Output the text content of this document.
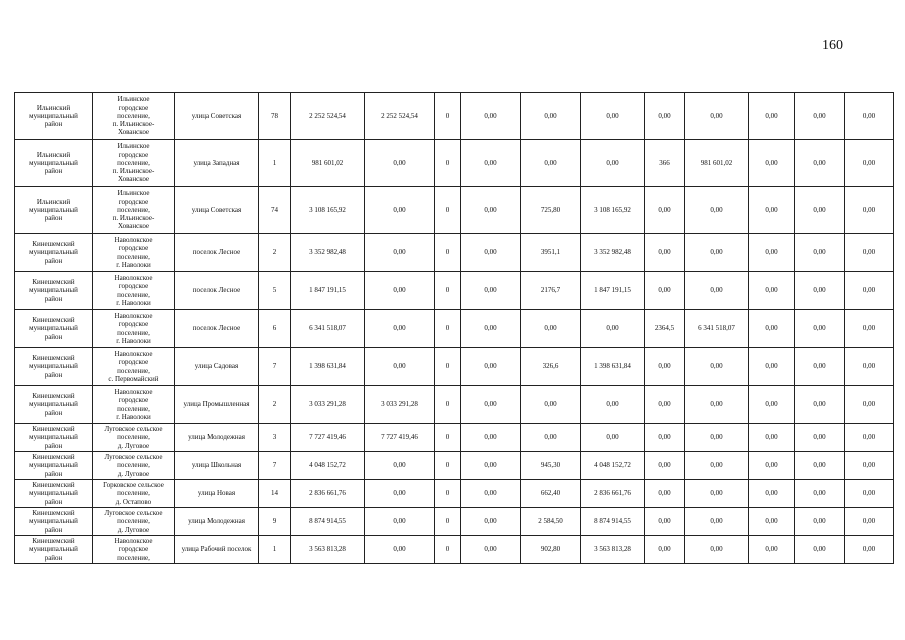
160
Ильинский
муниципальный
район	Ильинское
городское
поселение,
п. Ильинское-
Хованское	улица Советская	78	2 252 524,54	2 252 524,54	0	0,00	0,00	0,00	0,00	0,00	0,00	0,00	0,00

Ильинский
муниципальный
район	Ильинское
городское
поселение,
п. Ильинское-
Хованское	улица Западная	1	981 601,02	0,00	0	0,00	0,00	0,00	366	981 601,02	0,00	0,00	0,00

Ильинский
муниципальный
район	Ильинское
городское
поселение,
п. Ильинское-
Хованское	улица Советская	74	3 108 165,92	0,00	0	0,00	725,80	3 108 165,92	0,00	0,00	0,00	0,00	0,00

Кинешемский
муниципальный
район	Наволокское
городское
поселение,
г. Наволоки	поселок Лесное	2	3 352 982,48	0,00	0	0,00	3951,1	3 352 982,48	0,00	0,00	0,00	0,00	0,00

Кинешемский
муниципальный
район	Наволокское
городское
поселение,
г. Наволоки	поселок Лесное	5	1 847 191,15	0,00	0	0,00	2176,7	1 847 191,15	0,00	0,00	0,00	0,00	0,00

Кинешемский
муниципальный
район	Наволокское
городское
поселение,
г. Наволоки	поселок Лесное	6	6 341 518,07	0,00	0	0,00	0,00	0,00	2364,5	6 341 518,07	0,00	0,00	0,00

Кинешемский
муниципальный
район	Наволокское
городское
поселение,
с. Первомайский	улица Садовая	7	1 398 631,84	0,00	0	0,00	326,6	1 398 631,84	0,00	0,00	0,00	0,00	0,00

Кинешемский
муниципальный
район	Наволокское
городское
поселение,
г. Наволоки	улица Промышленная	2	3 033 291,28	3 033 291,28	0	0,00	0,00	0,00	0,00	0,00	0,00	0,00	0,00

Кинешемский
муниципальный
район	Луговское сельское
поселение,
д. Луговое	улица Молодежная	3	7 727 419,46	7 727 419,46	0	0,00	0,00	0,00	0,00	0,00	0,00	0,00	0,00

Кинешемский
муниципальный
район	Луговское сельское
поселение,
д. Луговое	улица Школьная	7	4 048 152,72	0,00	0	0,00	945,30	4 048 152,72	0,00	0,00	0,00	0,00	0,00

Кинешемский
муниципальный
район	Горковское сельское
поселение,
д. Остапово	улица Новая	14	2 836 661,76	0,00	0	0,00	662,40	2 836 661,76	0,00	0,00	0,00	0,00	0,00

Кинешемский
муниципальный
район	Луговское сельское
поселение,
д. Луговое	улица Молодежная	9	8 874 914,55	0,00	0	0,00	2 584,50	8 874 914,55	0,00	0,00	0,00	0,00	0,00

Кинешемский
муниципальный
район	Наволокское
городское
поселение,	улица Рабочий поселок	1	3 563 813,28	0,00	0	0,00	902,80	3 563 813,28	0,00	0,00	0,00	0,00	0,00
